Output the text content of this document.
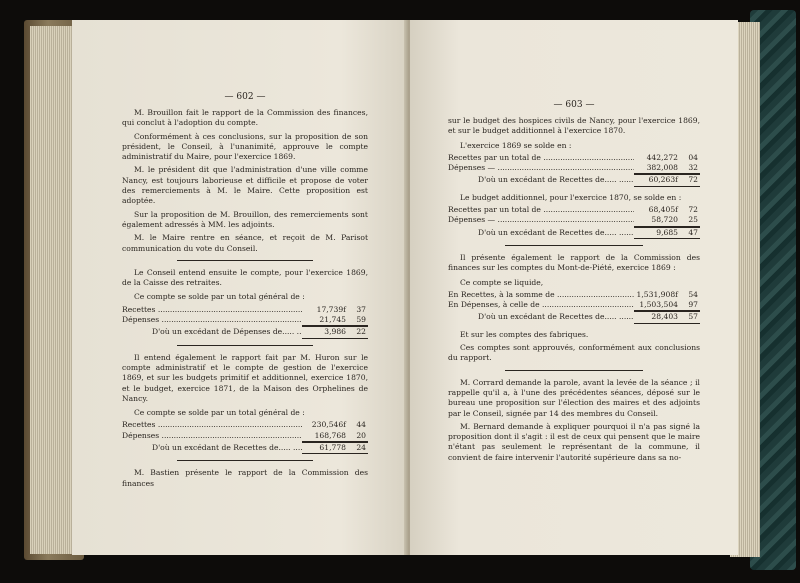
— 602 —

M. Brouillon fait le rapport de la Commission des finances, qui conclut à l'adoption du compte.

Conformément à ces conclusions, sur la proposition de son président, le Conseil, à l'unanimité, approuve le compte administratif du Maire, pour l'exercice 1869.

M. le président dit que l'administration d'une ville comme Nancy, est toujours laborieuse et difficile et propose de voter des remerciements à M. le Maire. Cette proposition est adoptée.

Sur la proposition de M. Brouillon, des remerciements sont également adressés à MM. les adjoints.

M. le Maire rentre en séance, et reçoit de M. Parisot communication du vote du Conseil.

Le Conseil entend ensuite le compte, pour l'exercice 1869, de la Caisse des retraites.

Ce compte se solde par un total général de :
Recettes .....	17,739f	37
Dépenses .....	21,745	59
D'où un excédant de Dépenses de..... .....	3,986	22

Il entend également le rapport fait par M. Huron sur le compte administratif et le compte de gestion de l'exercice 1869, et sur les budgets primitif et additionnel, exercice 1870, et le budget, exercice 1871, de la Maison des Orphelines de Nancy.

Ce compte se solde par un total général de :
Recettes .....	230,546f	44
Dépenses .....	168,768	20
D'où un excédant de Recettes de..... .....	61,778	24

M. Bastien présente le rapport de la Commission des finances

— 603 —

sur le budget des hospices civils de Nancy, pour l'exercice 1869, et sur le budget additionnel à l'exercice 1870.

L'exercice 1869 se solde en :
Recettes par un total de .....	442,272	04
Dépenses — .....	382,008	32
D'où un excédant de Recettes de..... .....	60,263f	72
Le budget additionnel, pour l'exercice 1870, se solde en :
Recettes par un total de .....	68,405f	72
Dépenses — .....	58,720	25
D'où un excédant de Recettes de..... .....	9,685	47

Il présente également le rapport de la Commission des finances sur les comptes du Mont-de-Piété, exercice 1869 :

Ce compte se liquide,
En Recettes, à la somme de .....	1,531,908f	54
En Dépenses, à celle de .....	1,503,504	97
D'où un excédant de Recettes de..... .....	28,403	57

Et sur les comptes des fabriques.

Ces comptes sont approuvés, conformément aux conclusions du rapport.

M. Corrard demande la parole, avant la levée de la séance ; il rappelle qu'il a, à l'une des précédentes séances, déposé sur le bureau une proposition sur l'élection des maires et des adjoints par le Conseil, signée par 14 des membres du Conseil.

M. Bernard demande à expliquer pourquoi il n'a pas signé la proposition dont il s'agit : il est de ceux qui pensent que le maire n'étant pas seulement le représentant de la commune, il convient de faire intervenir l'autorité supérieure dans sa no-
